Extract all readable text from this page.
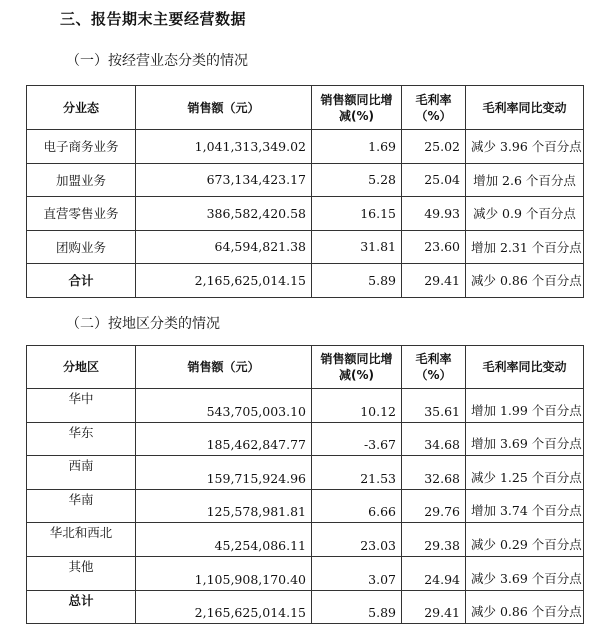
三、报告期末主要经营数据
（一）按经营业态分类的情况
分业态	销售额（元）	销售额同比增减(%)	毛利率（%）	毛利率同比变动
电子商务业务	1,041,313,349.02	1.69	25.02	减少 3.96 个百分点
加盟业务	673,134,423.17	5.28	25.04	增加 2.6 个百分点
直营零售业务	386,582,420.58	16.15	49.93	减少 0.9 个百分点
团购业务	64,594,821.38	31.81	23.60	增加 2.31 个百分点
合计	2,165,625,014.15	5.89	29.41	减少 0.86 个百分点
（二）按地区分类的情况
分地区	销售额（元）	销售额同比增减(%)	毛利率（%）	毛利率同比变动
华中	543,705,003.10	10.12	35.61	增加 1.99 个百分点
华东	185,462,847.77	-3.67	34.68	增加 3.69 个百分点
西南	159,715,924.96	21.53	32.68	减少 1.25 个百分点
华南	125,578,981.81	6.66	29.76	增加 3.74 个百分点
华北和西北	45,254,086.11	23.03	29.38	减少 0.29 个百分点
其他	1,105,908,170.40	3.07	24.94	减少 3.69 个百分点
总计	2,165,625,014.15	5.89	29.41	减少 0.86 个百分点
